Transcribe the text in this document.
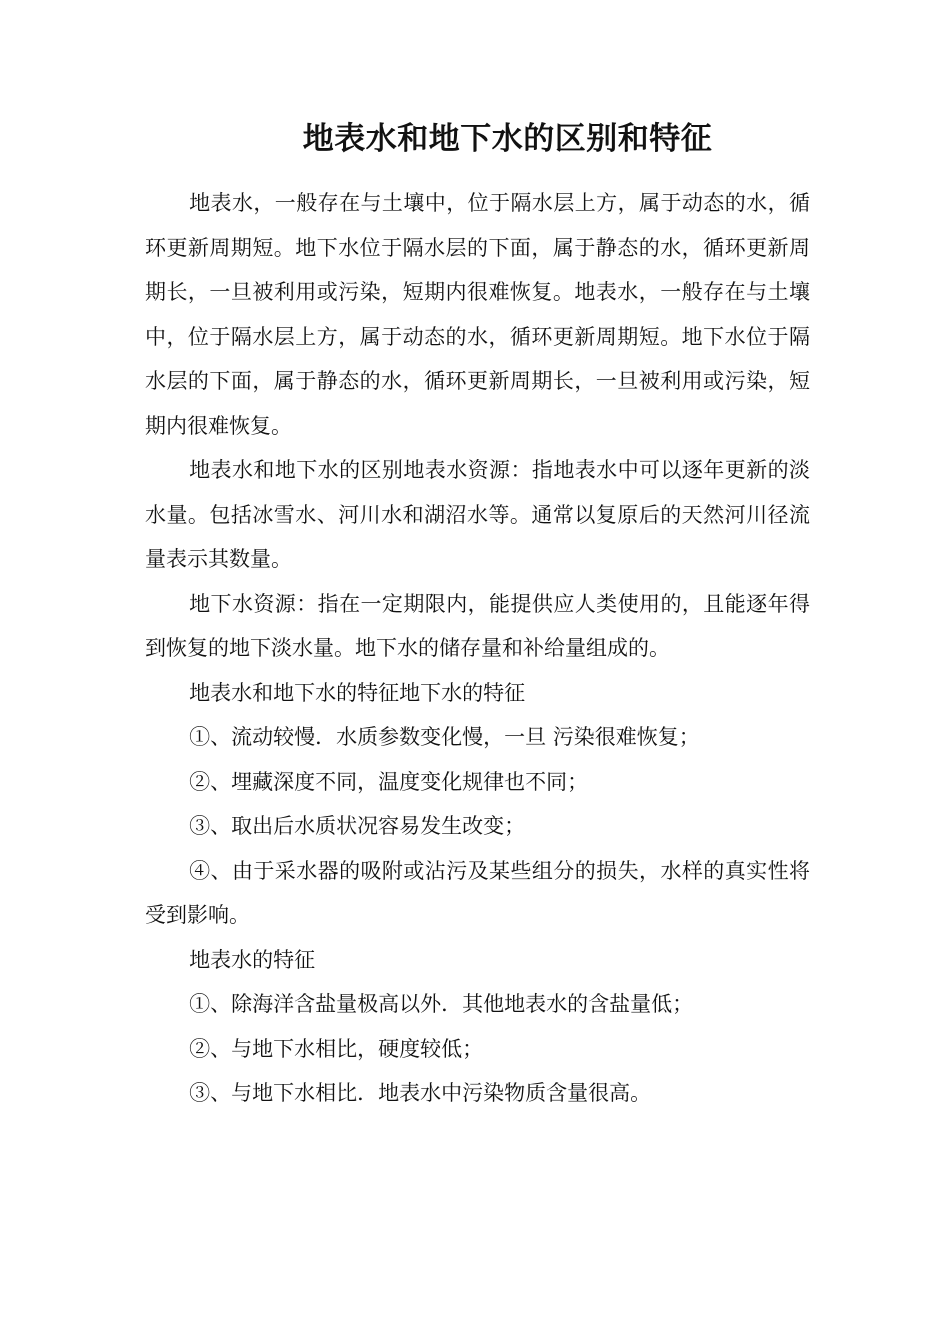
地表水和地下水的区别和特征

地表水，一般存在与土壤中，位于隔水层上方，属于动态的水，循环更新周期短。地下水位于隔水层的下面，属于静态的水，循环更新周期长，一旦被利用或污染，短期内很难恢复。地表水，一般存在与土壤中，位于隔水层上方，属于动态的水，循环更新周期短。地下水位于隔水层的下面，属于静态的水，循环更新周期长，一旦被利用或污染，短期内很难恢复。

地表水和地下水的区别地表水资源：指地表水中可以逐年更新的淡水量。包括冰雪水、河川水和湖沼水等。通常以复原后的天然河川径流量表示其数量。

地下水资源：指在一定期限内，能提供应人类使用的，且能逐年得到恢复的地下淡水量。地下水的储存量和补给量组成的。

地表水和地下水的特征地下水的特征

①、流动较慢．水质参数变化慢，一旦 污染很难恢复；

②、埋藏深度不同，温度变化规律也不同；

③、取出后水质状况容易发生改变；

④、由于采水器的吸附或沾污及某些组分的损失，水样的真实性将受到影响。

地表水的特征

①、除海洋含盐量极高以外．其他地表水的含盐量低；

②、与地下水相比，硬度较低；

③、与地下水相比．地表水中污染物质含量很高。
